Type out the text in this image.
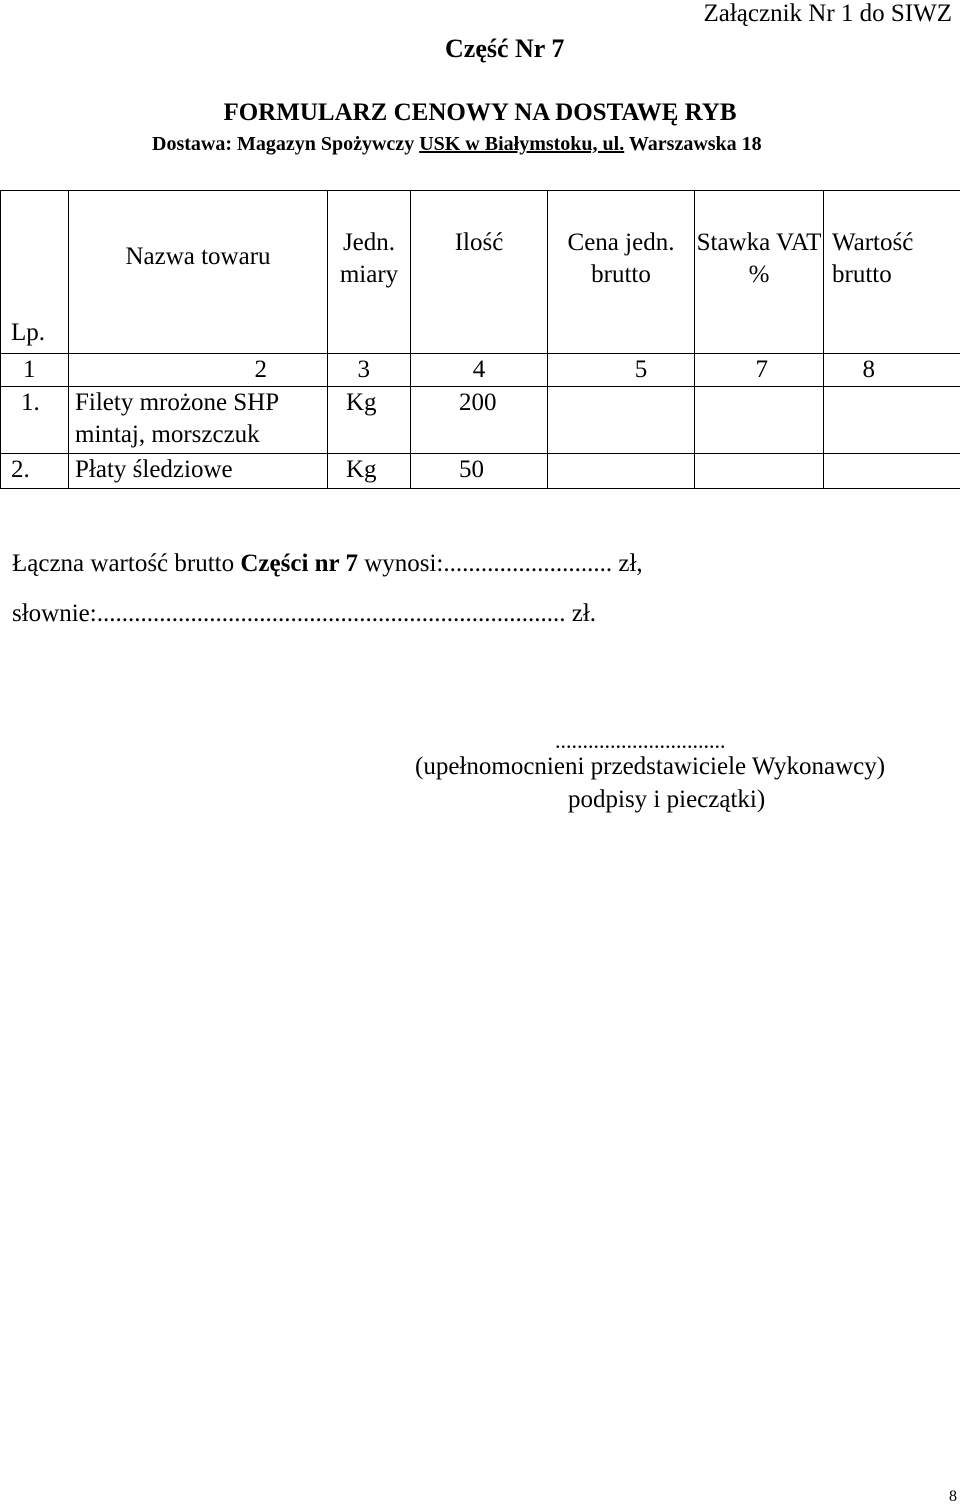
Załącznik Nr 1 do SIWZ
Część Nr 7
FORMULARZ CENOWY NA DOSTAWĘ RYB
Dostawa: Magazyn Spożywczy USK w Białymstoku, ul. Warszawska 18
Lp.	Nazwa towaru	Jedn. miary	Ilość	Cena jedn. brutto	Stawka VAT %	Wartość brutto
1	2	3	4	5	7	8
1.	Filety mrożone SHP mintaj, morszczuk	Kg	200			
2.	Płaty śledziowe	Kg	50			
Łączna wartość brutto Części nr 7 wynosi:........................... zł,
słownie:........................................................................... zł.
...............................
(upełnomocnieni przedstawiciele Wykonawcy)
podpisy i pieczątki)
8
